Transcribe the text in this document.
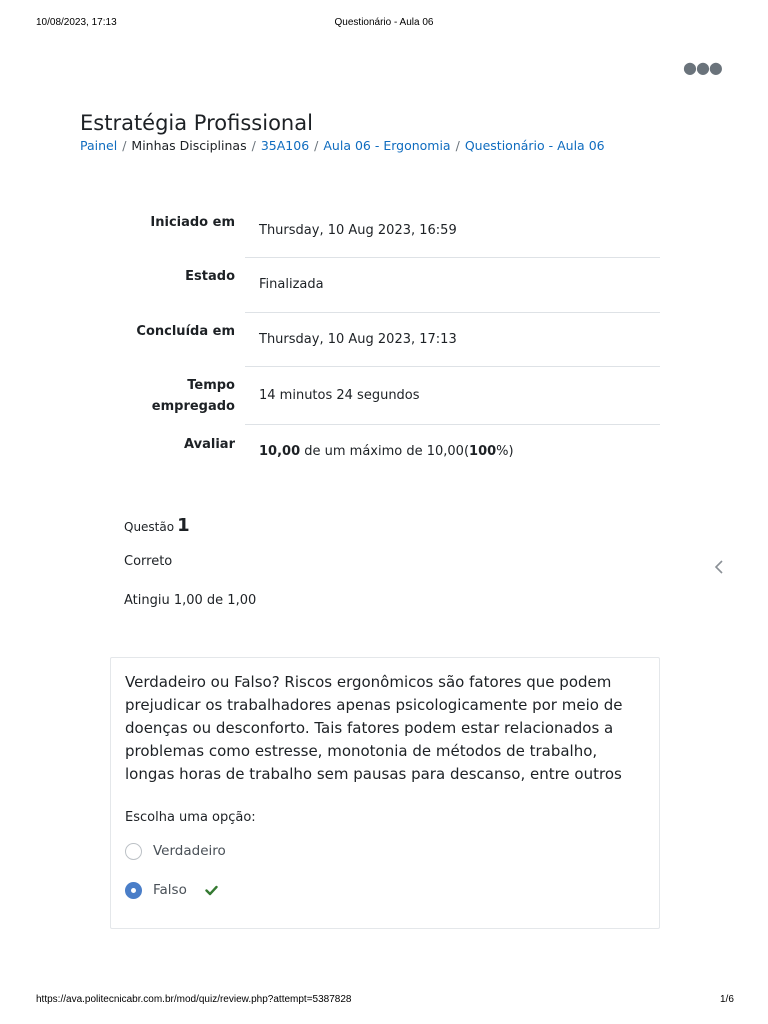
10/08/2023, 17:13	Questionário - Aula 06
●●●
Estratégia Profissional
Painel / Minhas Disciplinas / 35A106 / Aula 06 - Ergonomia / Questionário - Aula 06
Iniciado em
Thursday, 10 Aug 2023, 16:59
Estado
Finalizada
Concluída em
Thursday, 10 Aug 2023, 17:13
Tempo
empregado
14 minutos 24 segundos
Avaliar 10,00 de um máximo de 10,00(100%)
Questão 1
Correto
Atingiu 1,00 de 1,00
Verdadeiro ou Falso? Riscos ergonômicos são fatores que podem prejudicar os trabalhadores apenas psicologicamente por meio de doenças ou desconforto. Tais fatores podem estar relacionados a problemas como estresse, monotonia de métodos de trabalho, longas horas de trabalho sem pausas para descanso, entre outros
Escolha uma opção:
Verdadeiro
Falso
https://ava.politecnicabr.com.br/mod/quiz/review.php?attempt=5387828	1/6
